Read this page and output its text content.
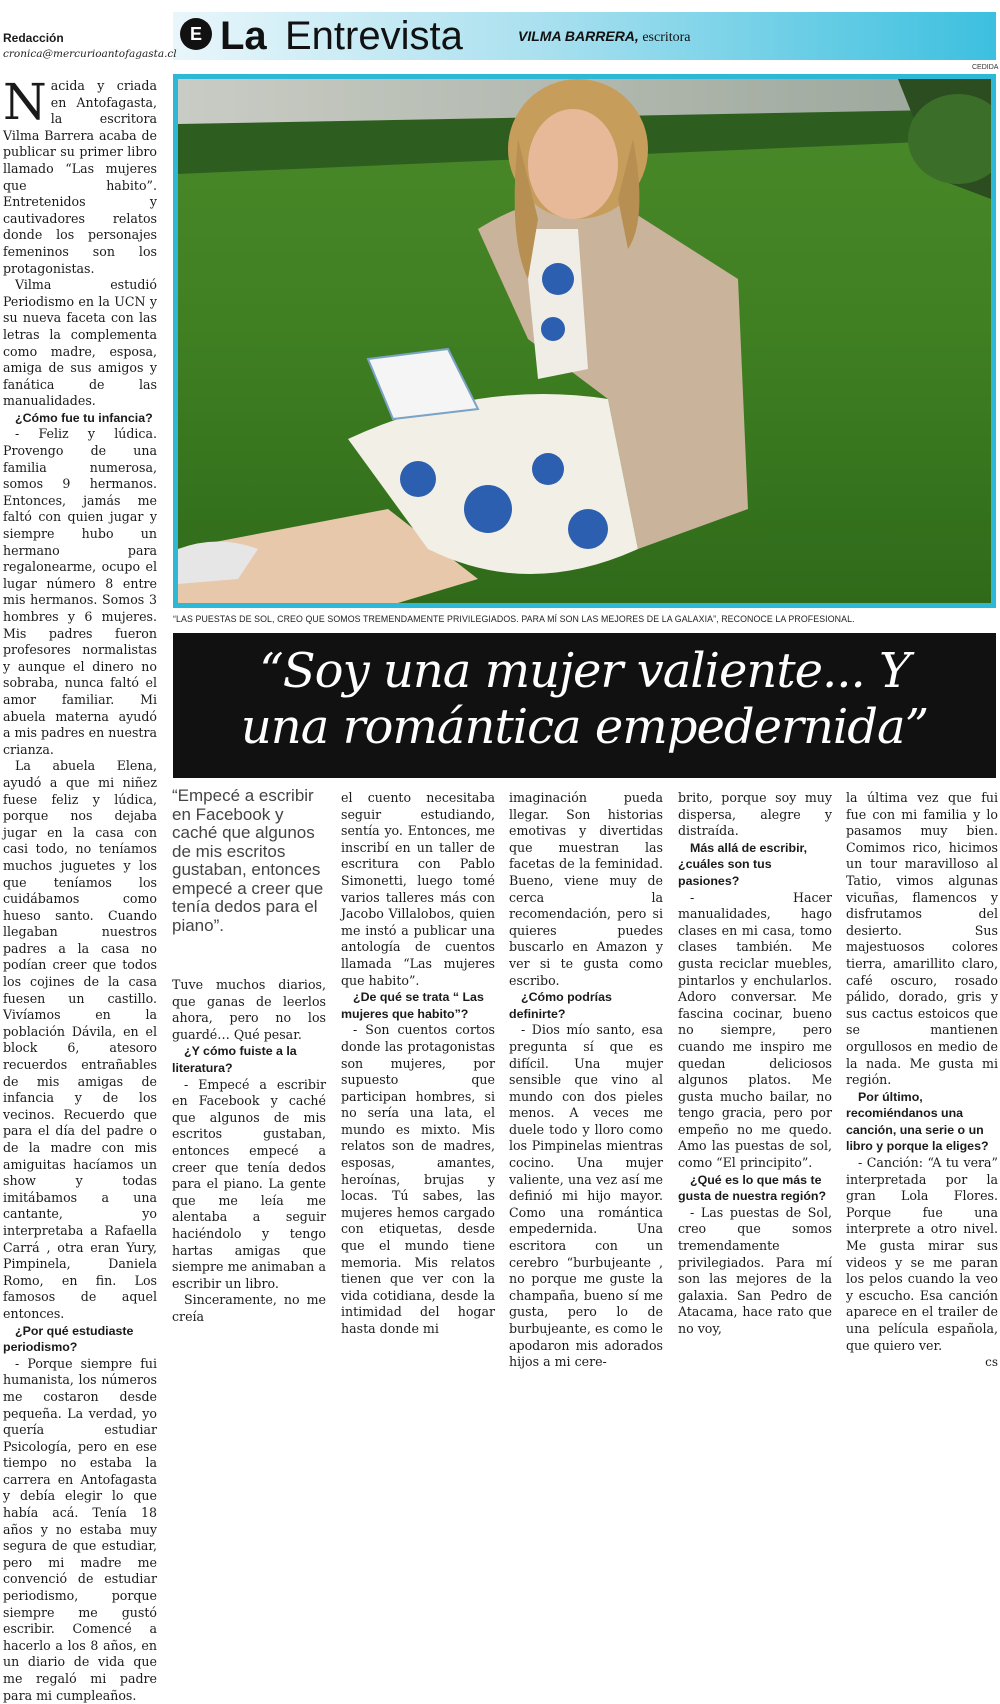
E La Entrevista	VILMA BARRERA, escritora
CEDIDA
“LAS PUESTAS DE SOL, CREO QUE SOMOS TREMENDAMENTE PRIVILEGIADOS. PARA MÍ SON LAS MEJORES DE LA GALAXIA”, RECONOCE LA PROFESIONAL.
“Soy una mujer valiente... Y
una romántica empedernida”
Redacción
cronica@mercurioantofagasta.cl

Nacida y criada en Antofagasta, la escritora Vilma Barrera acaba de publicar su primer libro llamado “Las mujeres que habito”. Entretenidos y cautivadores relatos donde los personajes femeninos son los protagonistas.

Vilma estudió Periodismo en la UCN y su nueva faceta con las letras la complementa como madre, esposa, amiga de sus amigos y fanática de las manualidades.

¿Cómo fue tu infancia?

- Feliz y lúdica. Provengo de una familia numerosa, somos 9 hermanos. Entonces, jamás me faltó con quien jugar y siempre hubo un hermano para regalonearme, ocupo el lugar número 8 entre mis hermanos. Somos 3 hombres y 6 mujeres. Mis padres fueron profesores normalistas y aunque el dinero no sobraba, nunca faltó el amor familiar. Mi abuela materna ayudó a mis padres en nuestra crianza.

La abuela Elena, ayudó a que mi niñez fuese feliz y lúdica, porque nos dejaba jugar en la casa con casi todo, no teníamos muchos juguetes y los que teníamos los cuidábamos como hueso santo. Cuando llegaban nuestros padres a la casa no podían creer que todos los cojines de la casa fuesen un castillo. Vivíamos en la población Dávila, en el block 6, atesoro recuerdos entrañables de mis amigas de infancia y de los vecinos. Recuerdo que para el día del padre o de la madre con mis amiguitas hacíamos un show y todas imitábamos a una cantante, yo interpretaba a Rafaella Carrá , otra eran Yury, Pimpinela, Daniela Romo, en fin. Los famosos de aquel entonces.

¿Por qué estudiaste periodismo?

- Porque siempre fui humanista, los números me costaron desde pequeña. La verdad, yo quería estudiar Psicología, pero en ese tiempo no estaba la carrera en Antofagasta y debía elegir lo que había acá. Tenía 18 años y no estaba muy segura de que estudiar, pero mi madre me convenció de estudiar periodismo, porque siempre me gustó escribir. Comencé a hacerlo a los 8 años, en un diario de vida que me regaló mi padre para mi cumpleaños.

“Empecé a escribir en Facebook y caché que algunos de mis escritos gustaban, entonces empecé a creer que tenía dedos para el piano”.

Tuve muchos diarios, que ganas de leerlos ahora, pero no los guardé… Qué pesar.

¿Y cómo fuiste a la literatura?

- Empecé a escribir en Facebook y caché que algunos de mis escritos gustaban, entonces empecé a creer que tenía dedos para el piano. La gente que me leía me alentaba a seguir haciéndolo y tengo hartas amigas que siempre me animaban a escribir un libro.

Sinceramente, no me creía

el cuento necesitaba seguir estudiando, sentía yo. Entonces, me inscribí en un taller de escritura con Pablo Simonetti, luego tomé varios talleres más con Jacobo Villalobos, quien me instó a publicar una antología de cuentos llamada “Las mujeres que habito”.

¿De qué se trata “ Las mujeres que habito”?

- Son cuentos cortos donde las protagonistas son mujeres, por supuesto que participan hombres, si no sería una lata, el mundo es mixto. Mis relatos son de madres, esposas, amantes, heroínas, brujas y locas. Tú sabes, las mujeres hemos cargado con etiquetas, desde que el mundo tiene memoria. Mis relatos tienen que ver con la vida cotidiana, desde la intimidad del hogar hasta donde mi

imaginación pueda llegar. Son historias emotivas y divertidas que muestran las facetas de la feminidad. Bueno, viene muy de cerca la recomendación, pero si quieres puedes buscarlo en Amazon y ver si te gusta como escribo.

¿Cómo podrías definirte?

- Dios mío santo, esa pregunta sí que es difícil. Una mujer sensible que vino al mundo con dos pieles menos. A veces me duele todo y lloro como los Pimpinelas mientras cocino. Una mujer valiente, una vez así me definió mi hijo mayor. Como una romántica empedernida. Una escritora con un cerebro “burbujeante , no porque me guste la champaña, bueno sí me gusta, pero lo de burbujeante, es como le apodaron mis adorados hijos a mi cere-

brito, porque soy muy dispersa, alegre y distraída.

Más allá de escribir, ¿cuáles son tus pasiones?

- Hacer manualidades, hago clases en mi casa, tomo clases también. Me gusta reciclar muebles, pintarlos y enchularlos. Adoro conversar. Me fascina cocinar, bueno no siempre, pero cuando me inspiro me quedan deliciosos algunos platos. Me gusta mucho bailar, no tengo gracia, pero por empeño no me quedo. Amo las puestas de sol, como “El principito”.

¿Qué es lo que más te gusta de nuestra región?

- Las puestas de Sol, creo que somos tremendamente privilegiados. Para mí son las mejores de la galaxia. San Pedro de Atacama, hace rato que no voy,

la última vez que fui fue con mi familia y lo pasamos muy bien. Comimos rico, hicimos un tour maravilloso al Tatio, vimos algunas vicuñas, flamencos y disfrutamos del desierto. Sus majestuosos colores tierra, amarillito claro, café oscuro, rosado pálido, dorado, gris y sus cactus estoicos que se mantienen orgullosos en medio de la nada. Me gusta mi región.

Por último, recomiéndanos una canción, una serie o un libro y porque la eliges?

- Canción: “A tu vera” interpretada por la gran Lola Flores. Porque fue una interprete a otro nivel. Me gusta mirar sus videos y se me paran los pelos cuando la veo y escucho. Esa canción aparece en el trailer de una película española, que quiero ver.

cs
